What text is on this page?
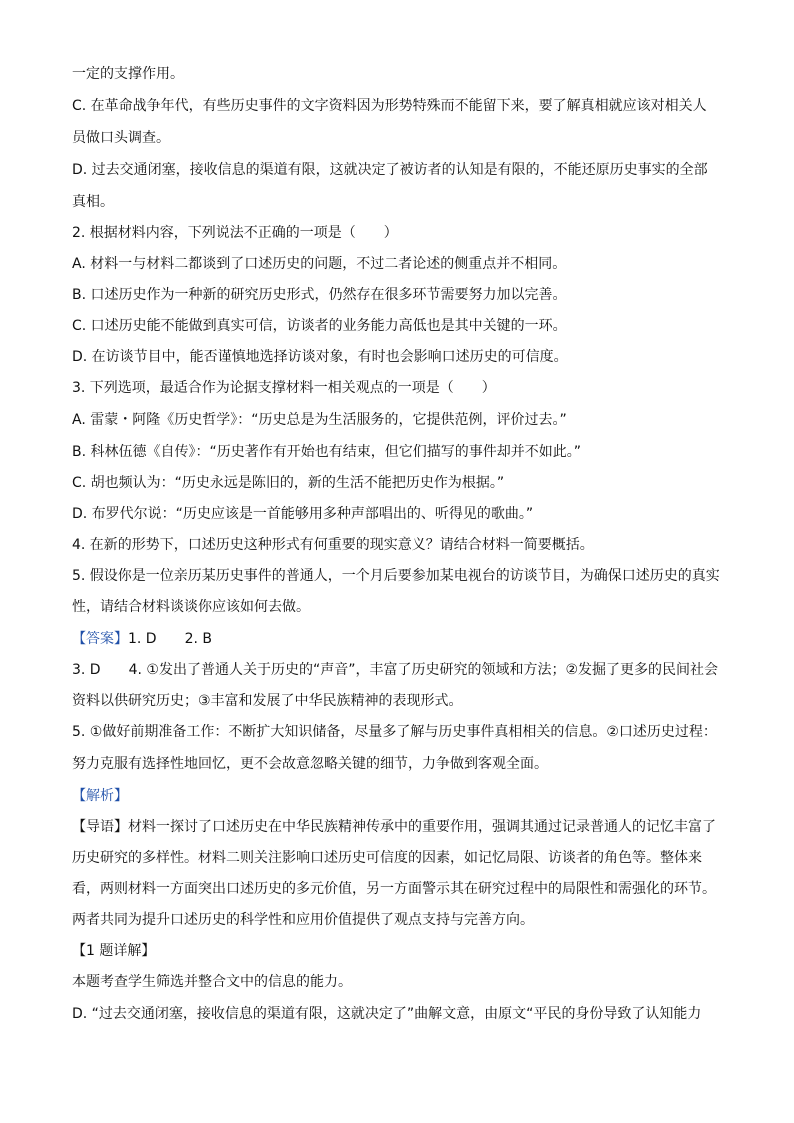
一定的支撑作用。
C. 在革命战争年代，有些历史事件的文字资料因为形势特殊而不能留下来，要了解真相就应该对相关人
员做口头调查。
D. 过去交通闭塞，接收信息的渠道有限，这就决定了被访者的认知是有限的，不能还原历史事实的全部
真相。
2. 根据材料内容，下列说法不正确的一项是（　　）
A. 材料一与材料二都谈到了口述历史的问题，不过二者论述的侧重点并不相同。
B. 口述历史作为一种新的研究历史形式，仍然存在很多环节需要努力加以完善。
C. 口述历史能不能做到真实可信，访谈者的业务能力高低也是其中关键的一环。
D. 在访谈节目中，能否谨慎地选择访谈对象，有时也会影响口述历史的可信度。
3. 下列选项，最适合作为论据支撑材料一相关观点的一项是（　　）
A. 雷蒙・阿隆《历史哲学》：“历史总是为生活服务的，它提供范例，评价过去。”
B. 科林伍德《自传》：“历史著作有开始也有结束，但它们描写的事件却并不如此。”
C. 胡也频认为：“历史永远是陈旧的，新的生活不能把历史作为根据。”
D. 布罗代尔说：“历史应该是一首能够用多种声部唱出的、听得见的歌曲。”
4. 在新的形势下，口述历史这种形式有何重要的现实意义？请结合材料一简要概括。
5. 假设你是一位亲历某历史事件的普通人，一个月后要参加某电视台的访谈节目，为确保口述历史的真实
性，请结合材料谈谈你应该如何去做。
【答案】1. D　　2. B
3. D　　4. ①发出了普通人关于历史的“声音”，丰富了历史研究的领域和方法；②发掘了更多的民间社会
资料以供研究历史；③丰富和发展了中华民族精神的表现形式。
5. ①做好前期准备工作：不断扩大知识储备，尽量多了解与历史事件真相相关的信息。②口述历史过程：
努力克服有选择性地回忆，更不会故意忽略关键的细节，力争做到客观全面。
【解析】
【导语】材料一探讨了口述历史在中华民族精神传承中的重要作用，强调其通过记录普通人的记忆丰富了
历史研究的多样性。材料二则关注影响口述历史可信度的因素，如记忆局限、访谈者的角色等。整体来
看，两则材料一方面突出口述历史的多元价值，另一方面警示其在研究过程中的局限性和需强化的环节。
两者共同为提升口述历史的科学性和应用价值提供了观点支持与完善方向。
【1 题详解】
本题考查学生筛选并整合文中的信息的能力。
D. “过去交通闭塞，接收信息的渠道有限，这就决定了”曲解文意，由原文“平民的身份导致了认知能力
